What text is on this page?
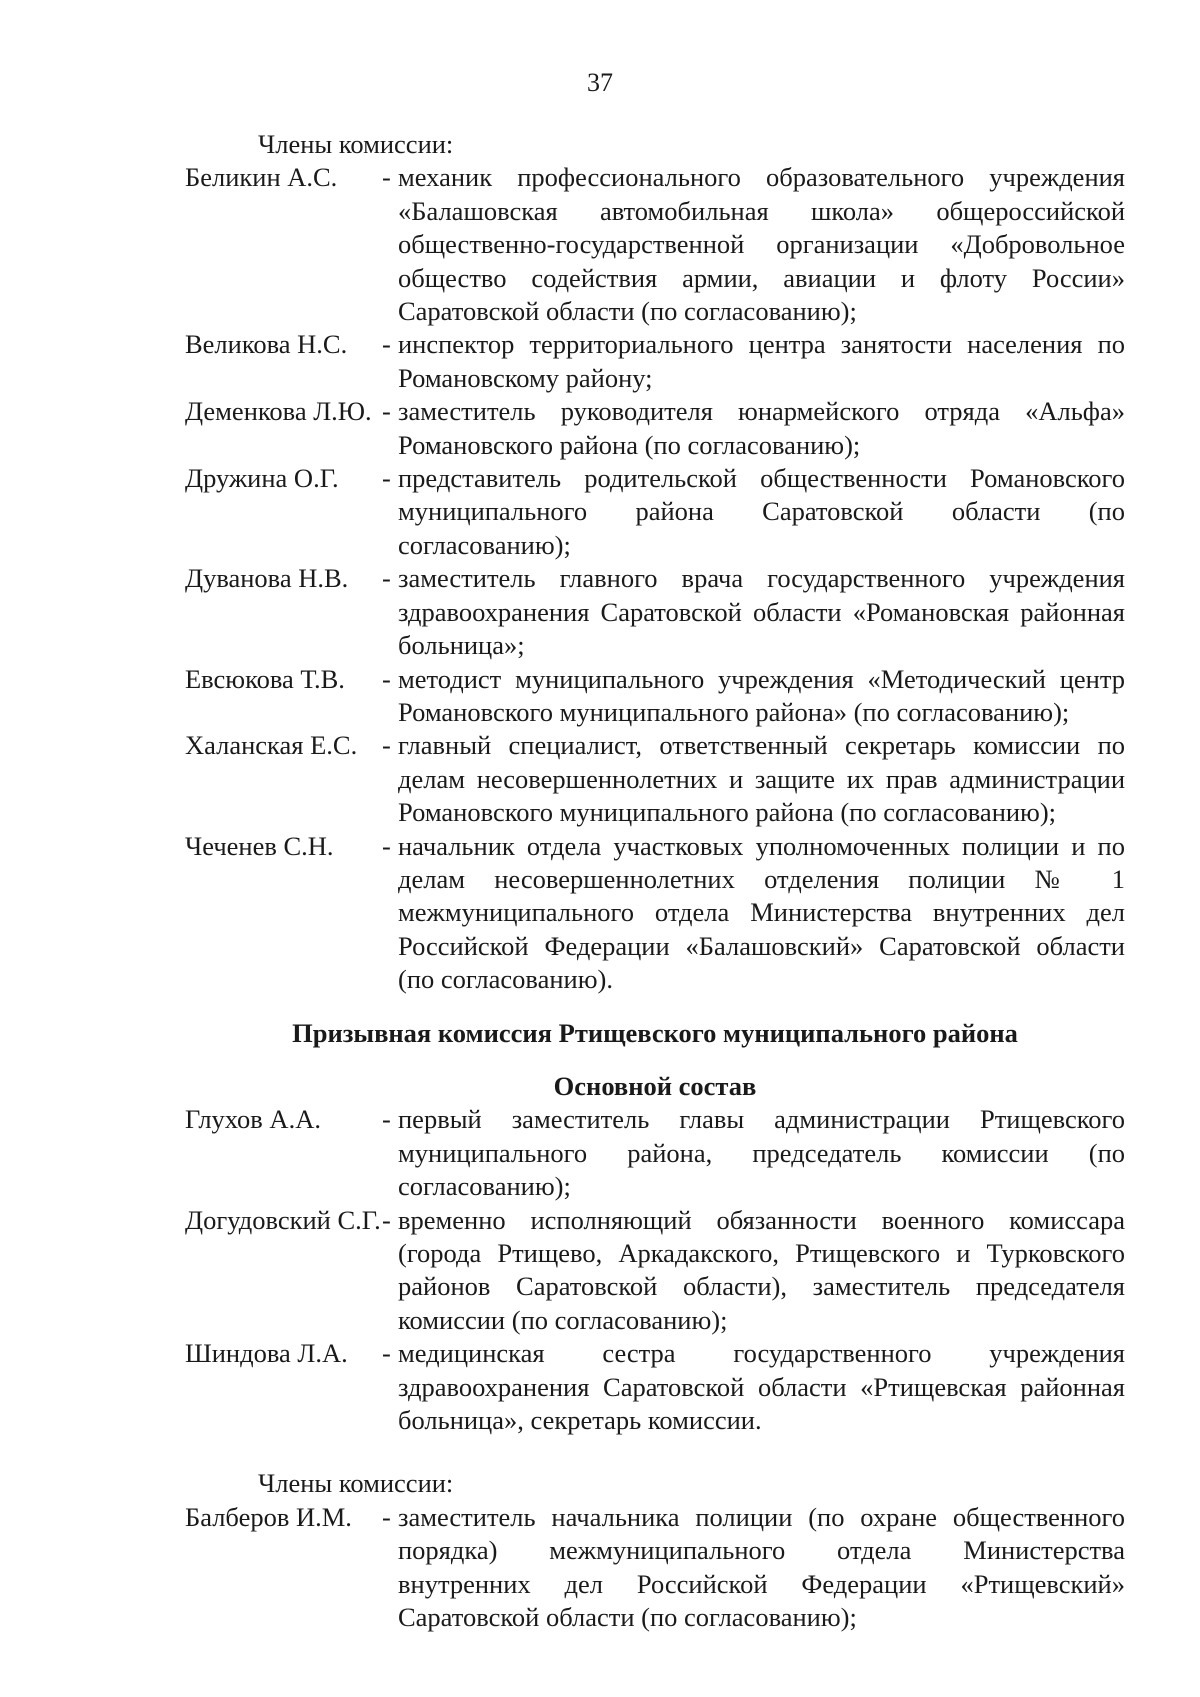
37

Члены комиссии:

Беликин А.С.	- механик профессионального образовательного учреждения «Балашовская автомобильная школа» общероссийской общественно-государственной организации «Добровольное общество содействия армии, авиации и флоту России» Саратовской области (по согласованию);
Великова Н.С.	- инспектор территориального центра занятости населения по Романовскому району;
Деменкова Л.Ю. - заместитель руководителя юнармейского отряда «Альфа» Романовского района (по согласованию);
Дружина О.Г.	- представитель родительской общественности Романовского муниципального района Саратовской области (по согласованию);
Дуванова Н.В.	- заместитель главного врача государственного учреждения здравоохранения Саратовской области «Романовская районная больница»;
Евсюкова Т.В.	- методист муниципального учреждения «Методический центр Романовского муниципального района» (по согласованию);
Халанская Е.С. - главный специалист, ответственный секретарь комиссии по делам несовершеннолетних и защите их прав администрации Романовского муниципального района (по согласованию);
Чеченев С.Н.	- начальник отдела участковых уполномоченных полиции и по делам несовершеннолетних отделения полиции № 1 межмуниципального отдела Министерства внутренних дел Российской Федерации «Балашовский» Саратовской области (по согласованию).

Призывная комиссия Ртищевского муниципального района

Основной состав

Глухов А.А.	- первый заместитель главы администрации Ртищевского муниципального района, председатель комиссии (по согласованию);
Догудовский С.Г. - временно исполняющий обязанности военного комиссара (города Ртищево, Аркадакского, Ртищевского и Турковского районов Саратовской области), заместитель председателя комиссии (по согласованию);
Шиндова Л.А.	- медицинская сестра государственного учреждения здравоохранения Саратовской области «Ртищевская районная больница», секретарь комиссии.

Члены комиссии:

Балберов И.М.	- заместитель начальника полиции (по охране общественного порядка) межмуниципального отдела Министерства внутренних дел Российской Федерации «Ртищевский» Саратовской области (по согласованию);
